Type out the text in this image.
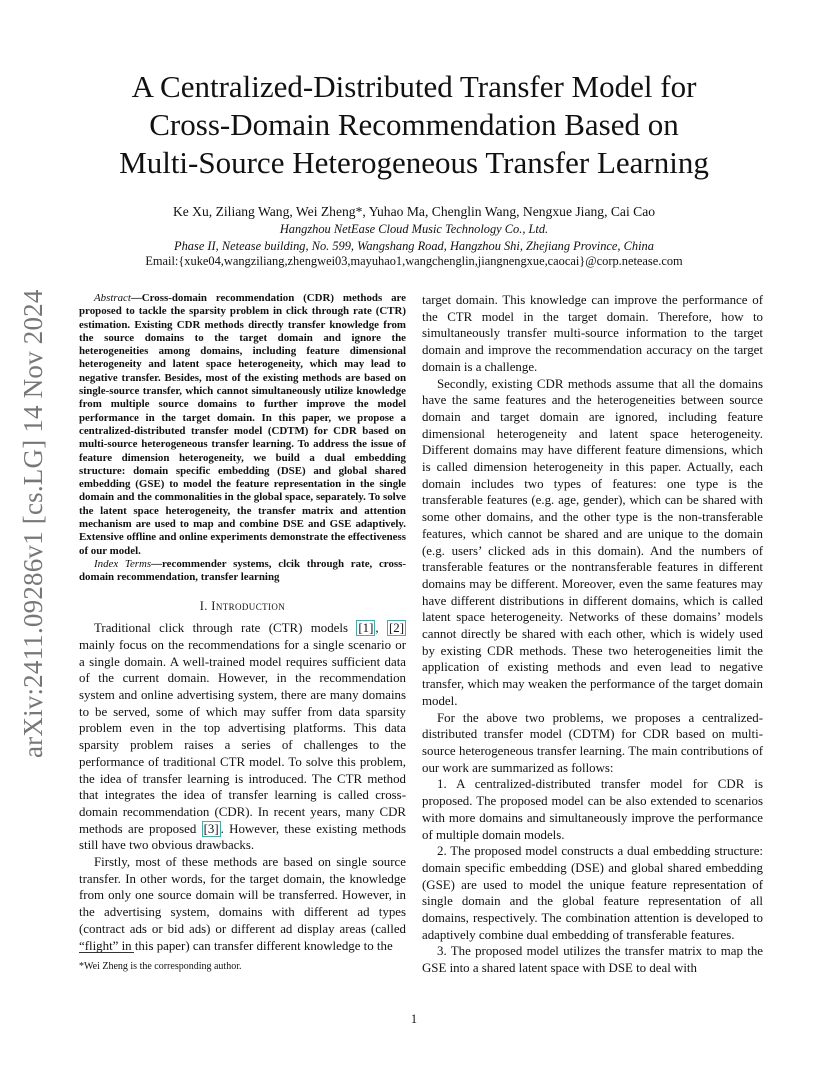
arXiv:2411.09286v1 [cs.LG] 14 Nov 2024
A Centralized-Distributed Transfer Model for
Cross-Domain Recommendation Based on
Multi-Source Heterogeneous Transfer Learning
Ke Xu, Ziliang Wang, Wei Zheng*, Yuhao Ma, Chenglin Wang, Nengxue Jiang, Cai Cao
Hangzhou NetEase Cloud Music Technology Co., Ltd.
Phase II, Netease building, No. 599, Wangshang Road, Hangzhou Shi, Zhejiang Province, China
Email:{xuke04,wangziliang,zhengwei03,mayuhao1,wangchenglin,jiangnengxue,caocai}@corp.netease.com

Abstract—Cross-domain recommendation (CDR) methods are proposed to tackle the sparsity problem in click through rate (CTR) estimation. Existing CDR methods directly transfer knowledge from the source domains to the target domain and ignore the heterogeneities among domains, including feature dimensional heterogeneity and latent space heterogeneity, which may lead to negative transfer. Besides, most of the existing methods are based on single-source transfer, which cannot simultaneously utilize knowledge from multiple source domains to further improve the model performance in the target domain. In this paper, we propose a centralized-distributed transfer model (CDTM) for CDR based on multi-source heterogeneous transfer learning. To address the issue of feature dimension heterogeneity, we build a dual embedding structure: domain specific embedding (DSE) and global shared embedding (GSE) to model the feature representation in the single domain and the commonalities in the global space, separately. To solve the latent space heterogeneity, the transfer matrix and attention mechanism are used to map and combine DSE and GSE adaptively. Extensive offline and online experiments demonstrate the effectiveness of our model.

Index Terms—recommender systems, clcik through rate, cross-domain recommendation, transfer learning

I. Introduction

Traditional click through rate (CTR) models [1] , [2] mainly focus on the recommendations for a single scenario or a single domain. A well-trained model requires sufficient data of the current domain. However, in the recommendation system and online advertising system, there are many domains to be served, some of which may suffer from data sparsity problem even in the top advertising platforms. This data sparsity problem raises a series of challenges to the performance of traditional CTR model. To solve this problem, the idea of transfer learning is introduced. The CTR method that integrates the idea of transfer learning is called cross-domain recommendation (CDR). In recent years, many CDR methods are proposed [3] . However, these existing methods still have two obvious drawbacks.

Firstly, most of these methods are based on single source transfer. In other words, for the target domain, the knowledge from only one source domain will be transferred. However, in the advertising system, domains with different ad types (contract ads or bid ads) or different ad display areas (called “flight” in this paper) can transfer different knowledge to the

target domain. This knowledge can improve the performance of the CTR model in the target domain. Therefore, how to simultaneously transfer multi-source information to the target domain and improve the recommendation accuracy on the target domain is a challenge.

Secondly, existing CDR methods assume that all the domains have the same features and the heterogeneities between source domain and target domain are ignored, including feature dimensional heterogeneity and latent space heterogeneity. Different domains may have different feature dimensions, which is called dimension heterogeneity in this paper. Actually, each domain includes two types of features: one type is the transferable features (e.g. age, gender), which can be shared with some other domains, and the other type is the non-transferable features, which cannot be shared and are unique to the domain (e.g. users’ clicked ads in this domain). And the numbers of transferable features or the nontransferable features in different domains may be different. Moreover, even the same features may have different distributions in different domains, which is called latent space heterogeneity. Networks of these domains’ models cannot directly be shared with each other, which is widely used by existing CDR methods. These two heterogeneities limit the application of existing methods and even lead to negative transfer, which may weaken the performance of the target domain model.

For the above two problems, we proposes a centralized-distributed transfer model (CDTM) for CDR based on multi-source heterogeneous transfer learning. The main contributions of our work are summarized as follows:

1. A centralized-distributed transfer model for CDR is proposed. The proposed model can be also extended to scenarios with more domains and simultaneously improve the performance of multiple domain models.

2. The proposed model constructs a dual embedding structure: domain specific embedding (DSE) and global shared embedding (GSE) are used to model the unique feature representation of single domain and the global feature representation of all domains, respectively. The combination attention is developed to adaptively combine dual embedding of transferable features.

3. The proposed model utilizes the transfer matrix to map the GSE into a shared latent space with DSE to deal with

*Wei Zheng is the corresponding author.
1
